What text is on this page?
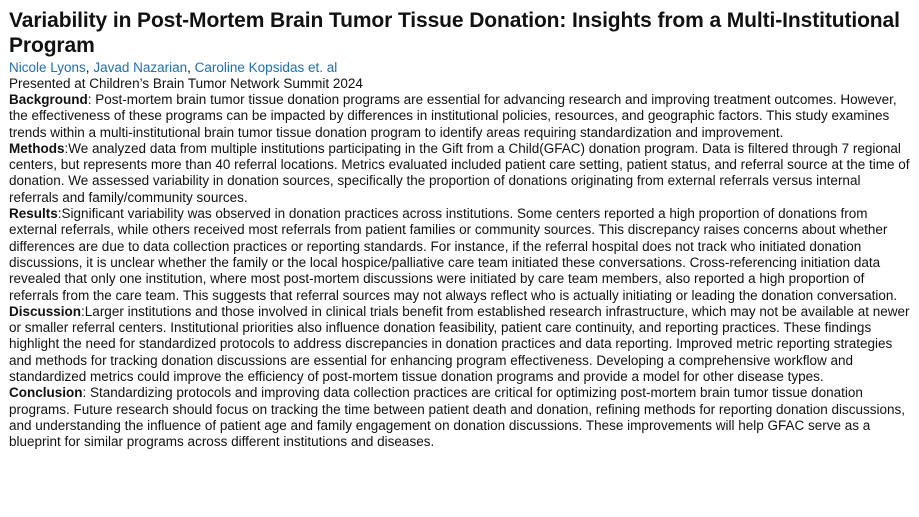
Variability in Post-Mortem Brain Tumor Tissue Donation: Insights from a Multi-Institutional Program
Nicole Lyons, Javad Nazarian, Caroline Kopsidas et. al
Presented at Children’s Brain Tumor Network Summit 2024

Background: Post-mortem brain tumor tissue donation programs are essential for advancing research and improving treatment outcomes. However, the effectiveness of these programs can be impacted by differences in institutional policies, resources, and geographic factors. This study examines trends within a multi-institutional brain tumor tissue donation program to identify areas requiring standardization and improvement.

Methods:We analyzed data from multiple institutions participating in the Gift from a Child(GFAC) donation program. Data is filtered through 7 regional centers, but represents more than 40 referral locations. Metrics evaluated included patient care setting, patient status, and referral source at the time of donation. We assessed variability in donation sources, specifically the proportion of donations originating from external referrals versus internal referrals and family/community sources.

Results:Significant variability was observed in donation practices across institutions. Some centers reported a high proportion of donations from external referrals, while others received most referrals from patient families or community sources. This discrepancy raises concerns about whether differences are due to data collection practices or reporting standards. For instance, if the referral hospital does not track who initiated donation discussions, it is unclear whether the family or the local hospice/palliative care team initiated these conversations. Cross-referencing initiation data revealed that only one institution, where most post-mortem discussions were initiated by care team members, also reported a high proportion of referrals from the care team. This suggests that referral sources may not always reflect who is actually initiating or leading the donation conversation.

Discussion:Larger institutions and those involved in clinical trials benefit from established research infrastructure, which may not be available at newer or smaller referral centers. Institutional priorities also influence donation feasibility, patient care continuity, and reporting practices. These findings highlight the need for standardized protocols to address discrepancies in donation practices and data reporting. Improved metric reporting strategies and methods for tracking donation discussions are essential for enhancing program effectiveness. Developing a comprehensive workflow and standardized metrics could improve the efficiency of post-mortem tissue donation programs and provide a model for other disease types.

Conclusion: Standardizing protocols and improving data collection practices are critical for optimizing post-mortem brain tumor tissue donation programs. Future research should focus on tracking the time between patient death and donation, refining methods for reporting donation discussions, and understanding the influence of patient age and family engagement on donation discussions. These improvements will help GFAC serve as a blueprint for similar programs across different institutions and diseases.
